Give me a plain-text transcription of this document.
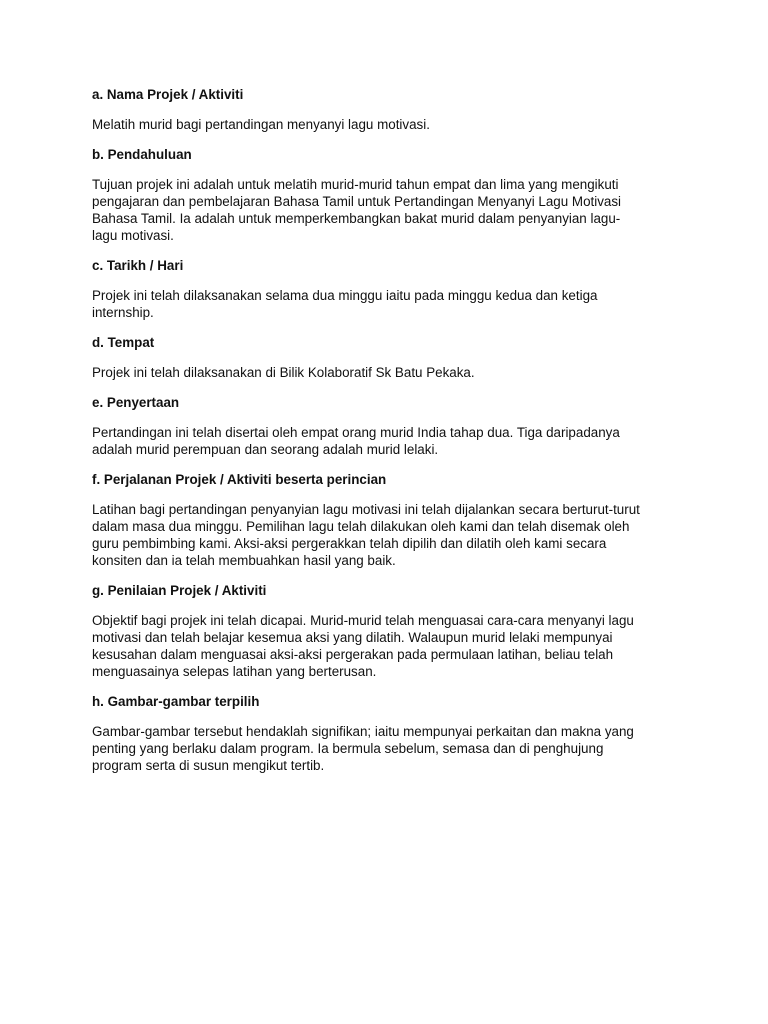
a. Nama Projek / Aktiviti

Melatih murid bagi pertandingan menyanyi lagu motivasi.

b. Pendahuluan

Tujuan projek ini adalah untuk melatih murid-murid tahun empat dan lima yang mengikuti
pengajaran dan pembelajaran Bahasa Tamil untuk Pertandingan Menyanyi Lagu Motivasi
Bahasa Tamil. Ia adalah untuk memperkembangkan bakat murid dalam penyanyian lagu-
lagu motivasi.

c. Tarikh / Hari

Projek ini telah dilaksanakan selama dua minggu iaitu pada minggu kedua dan ketiga
internship.

d. Tempat

Projek ini telah dilaksanakan di Bilik Kolaboratif Sk Batu Pekaka.

e. Penyertaan

Pertandingan ini telah disertai oleh empat orang murid India tahap dua. Tiga daripadanya
adalah murid perempuan dan seorang adalah murid lelaki.

f. Perjalanan Projek / Aktiviti beserta perincian

Latihan bagi pertandingan penyanyian lagu motivasi ini telah dijalankan secara berturut-turut
dalam masa dua minggu. Pemilihan lagu telah dilakukan oleh kami dan telah disemak oleh
guru pembimbing kami. Aksi-aksi pergerakkan telah dipilih dan dilatih oleh kami secara
konsiten dan ia telah membuahkan hasil yang baik.

g. Penilaian Projek / Aktiviti

Objektif bagi projek ini telah dicapai. Murid-murid telah menguasai cara-cara menyanyi lagu
motivasi dan telah belajar kesemua aksi yang dilatih. Walaupun murid lelaki mempunyai
kesusahan dalam menguasai aksi-aksi pergerakan pada permulaan latihan, beliau telah
menguasainya selepas latihan yang berterusan.

h. Gambar-gambar terpilih

Gambar-gambar tersebut hendaklah signifikan; iaitu mempunyai perkaitan dan makna yang
penting yang berlaku dalam program. Ia bermula sebelum, semasa dan di penghujung
program serta di susun mengikut tertib.
